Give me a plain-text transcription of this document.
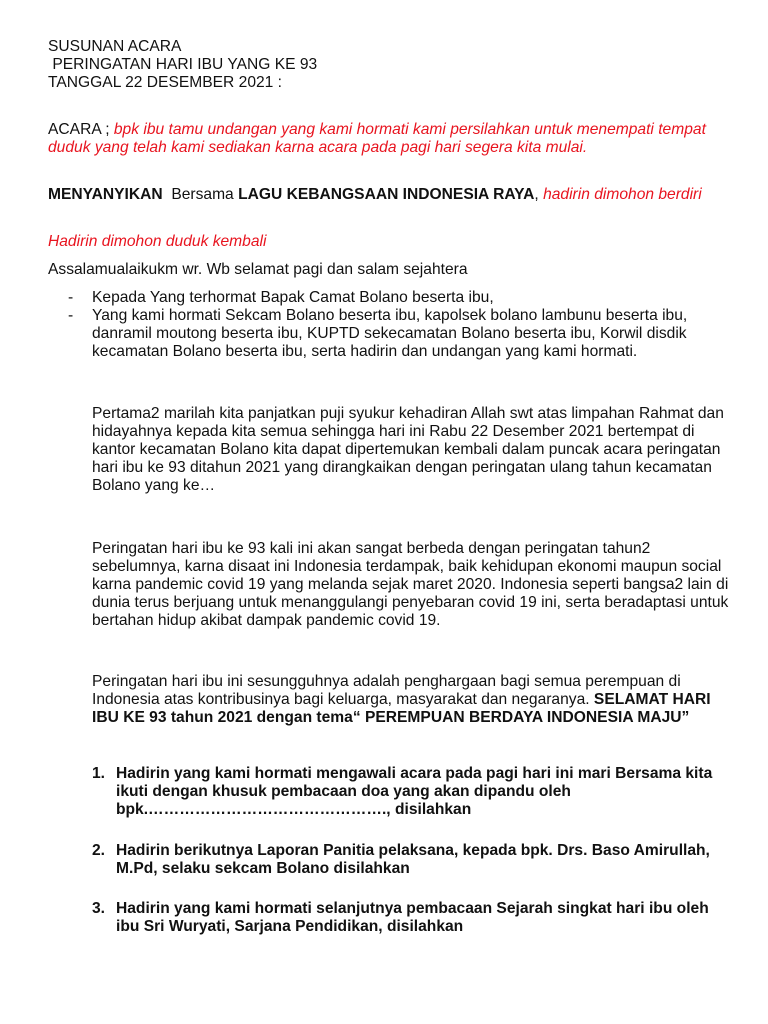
SUSUNAN ACARA
PERINGATAN HARI IBU YANG KE 93
TANGGAL 22 DESEMBER 2021 :
ACARA ; bpk ibu tamu undangan yang kami hormati kami persilahkan untuk menempati tempat duduk yang telah kami sediakan karna acara pada pagi hari segera kita mulai.
MENYANYIKAN  Bersama LAGU KEBANGSAAN INDONESIA RAYA, hadirin dimohon berdiri
Hadirin dimohon duduk kembali
Assalamualaikukm wr. Wb selamat pagi dan salam sejahtera
- Kepada Yang terhormat Bapak Camat Bolano beserta ibu,
- Yang kami hormati Sekcam Bolano beserta ibu, kapolsek bolano lambunu beserta ibu, danramil moutong beserta ibu, KUPTD sekecamatan Bolano beserta ibu, Korwil disdik kecamatan Bolano beserta ibu, serta hadirin dan undangan yang kami hormati.
Pertama2 marilah kita panjatkan puji syukur kehadiran Allah swt atas limpahan Rahmat dan hidayahnya kepada kita semua sehingga hari ini Rabu 22 Desember 2021 bertempat di kantor kecamatan Bolano kita dapat dipertemukan kembali dalam puncak acara peringatan hari ibu ke 93 ditahun 2021 yang dirangkaikan dengan peringatan ulang tahun kecamatan Bolano yang ke…
Peringatan hari ibu ke 93 kali ini akan sangat berbeda dengan peringatan tahun2 sebelumnya, karna disaat ini Indonesia terdampak, baik kehidupan ekonomi maupun social karna pandemic covid 19 yang melanda sejak maret 2020. Indonesia seperti bangsa2 lain di dunia terus berjuang untuk menanggulangi penyebaran covid 19 ini, serta beradaptasi untuk bertahan hidup akibat dampak pandemic covid 19.
Peringatan hari ibu ini sesungguhnya adalah penghargaan bagi semua perempuan di Indonesia atas kontribusinya bagi keluarga, masyarakat dan negaranya. SELAMAT HARI IBU KE 93 tahun 2021 dengan tema“ PEREMPUAN BERDAYA INDONESIA MAJU”
1. Hadirin yang kami hormati mengawali acara pada pagi hari ini mari Bersama kita ikuti dengan khusuk pembacaan doa yang akan dipandu oleh bpk.………………………………………., disilahkan
2. Hadirin berikutnya Laporan Panitia pelaksana, kepada bpk. Drs. Baso Amirullah, M.Pd, selaku sekcam Bolano disilahkan
3. Hadirin yang kami hormati selanjutnya pembacaan Sejarah singkat hari ibu oleh ibu Sri Wuryati, Sarjana Pendidikan, disilahkan
